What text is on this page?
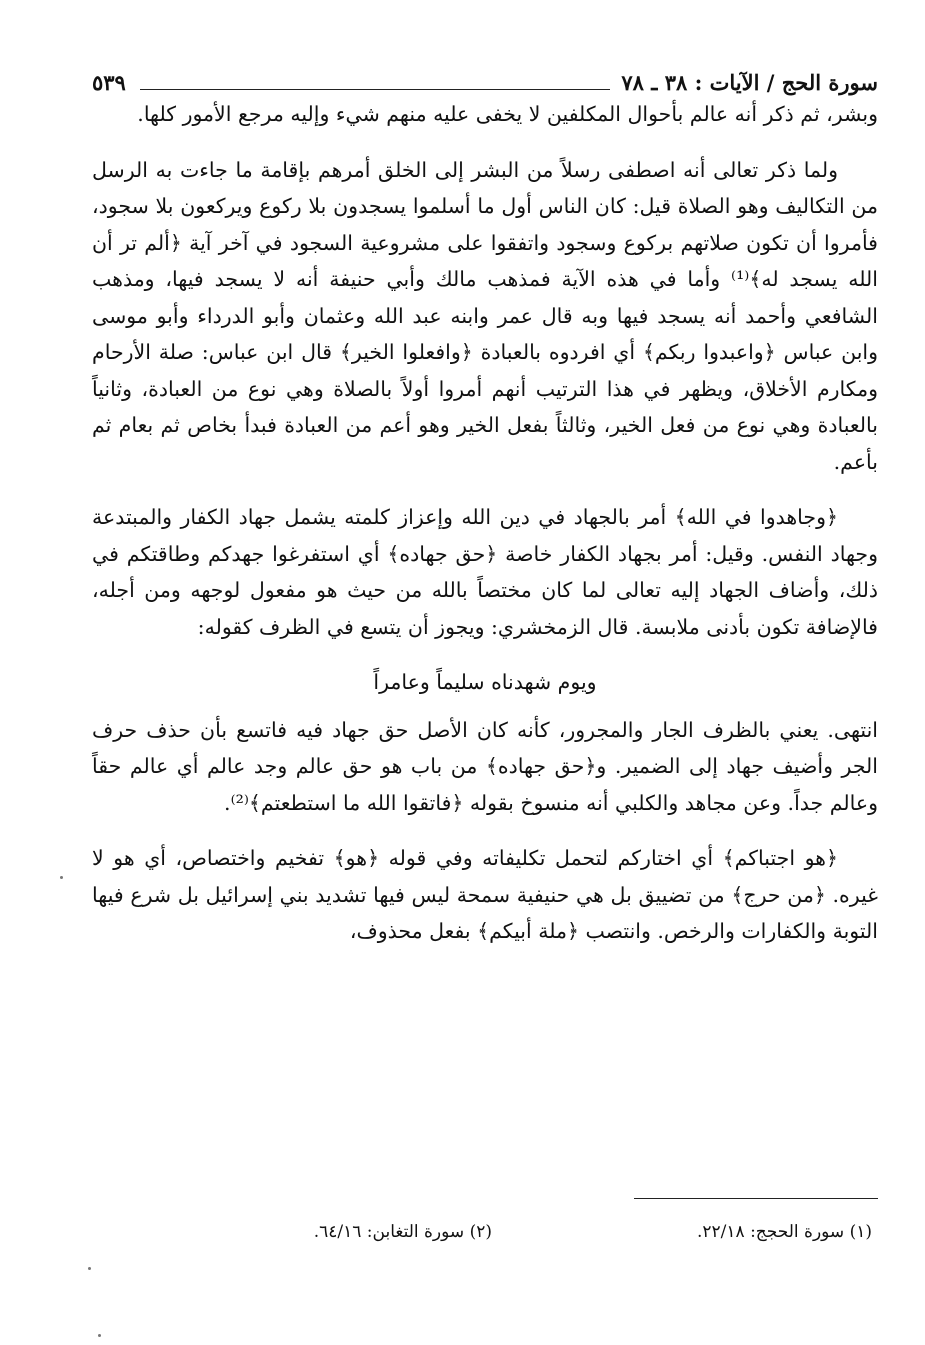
سورة الحج / الآيات : ٣٨ ـ ٧٨
٥٣٩

وبشر، ثم ذكر أنه عالم بأحوال المكلفين لا يخفى عليه منهم شيء وإليه مرجع الأمور كلها.

ولما ذكر تعالى أنه اصطفى رسلاً من البشر إلى الخلق أمرهم بإقامة ما جاءت به الرسل من التكاليف وهو الصلاة قيل: كان الناس أول ما أسلموا يسجدون بلا ركوع ويركعون بلا سجود، فأمروا أن تكون صلاتهم بركوع وسجود واتفقوا على مشروعية السجود في آخر آية ﴿ألم تر أن الله يسجد له﴾⁽¹⁾ وأما في هذه الآية فمذهب مالك وأبي حنيفة أنه لا يسجد فيها، ومذهب الشافعي وأحمد أنه يسجد فيها وبه قال عمر وابنه عبد الله وعثمان وأبو الدرداء وأبو موسى وابن عباس ﴿واعبدوا ربكم﴾ أي افردوه بالعبادة ﴿وافعلوا الخير﴾ قال ابن عباس: صلة الأرحام ومكارم الأخلاق، ويظهر في هذا الترتيب أنهم أمروا أولاً بالصلاة وهي نوع من العبادة، وثانياً بالعبادة وهي نوع من فعل الخير، وثالثاً بفعل الخير وهو أعم من العبادة فبدأ بخاص ثم بعام ثم بأعم.

﴿وجاهدوا في الله﴾ أمر بالجهاد في دين الله وإعزاز كلمته يشمل جهاد الكفار والمبتدعة وجهاد النفس. وقيل: أمر بجهاد الكفار خاصة ﴿حق جهاده﴾ أي استفرغوا جهدكم وطاقتكم في ذلك، وأضاف الجهاد إليه تعالى لما كان مختصاً بالله من حيث هو مفعول لوجهه ومن أجله، فالإضافة تكون بأدنى ملابسة. قال الزمخشري: ويجوز أن يتسع في الظرف كقوله:

ويوم شهدناه سليماً وعامراً

انتهى. يعني بالظرف الجار والمجرور، كأنه كان الأصل حق جهاد فيه فاتسع بأن حذف حرف الجر وأضيف جهاد إلى الضمير. و﴿حق جهاده﴾ من باب هو حق عالم وجد عالم أي عالم حقاً وعالم جداً. وعن مجاهد والكلبي أنه منسوخ بقوله ﴿فاتقوا الله ما استطعتم﴾⁽²⁾.

﴿هو اجتباكم﴾ أي اختاركم لتحمل تكليفاته وفي قوله ﴿هو﴾ تفخيم واختصاص، أي هو لا غيره. ﴿من حرج﴾ من تضييق بل هي حنيفية سمحة ليس فيها تشديد بني إسرائيل بل شرع فيها التوبة والكفارات والرخص. وانتصب ﴿ملة أبيكم﴾ بفعل محذوف،

(١) سورة الحجج: ٢٢/١٨.
(٢) سورة التغابن: ٦٤/١٦.
